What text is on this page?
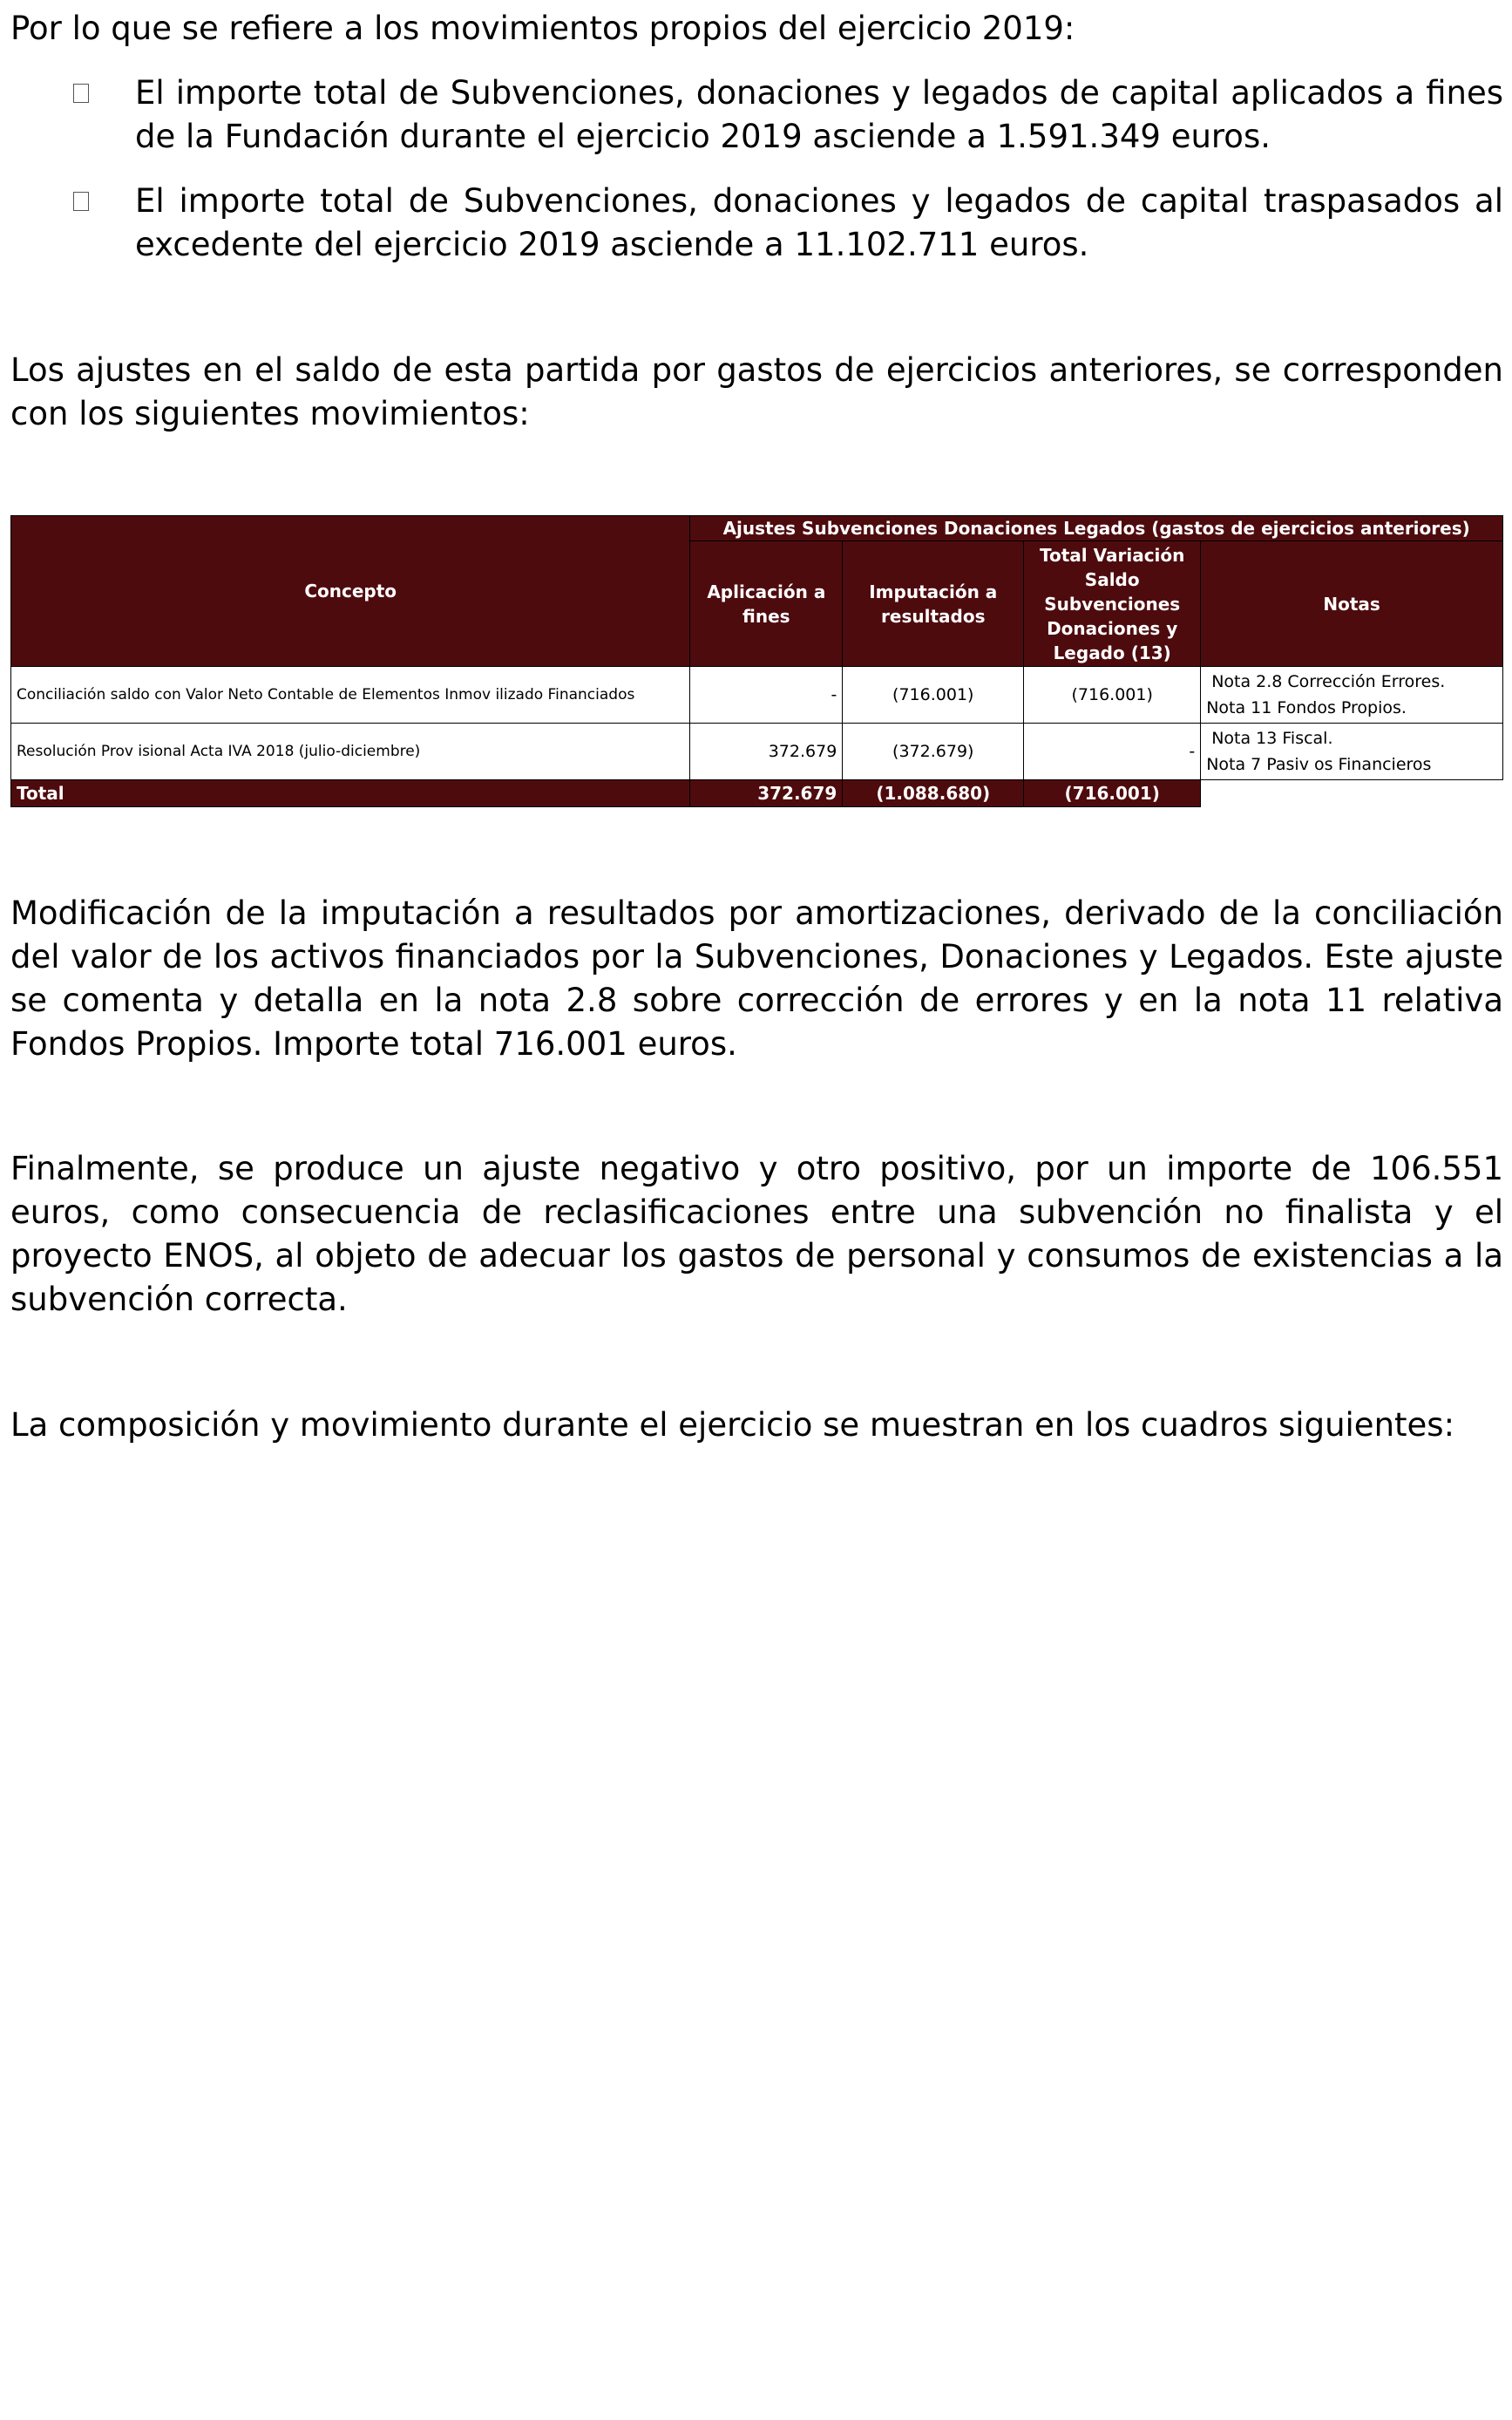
Por lo que se refiere a los movimientos propios del ejercicio 2019:

El importe total de Subvenciones, donaciones y legados de capital aplicados a fines de la Fundación durante el ejercicio 2019 asciende a 1.591.349 euros.

El importe total de Subvenciones, donaciones y legados de capital traspasados al excedente del ejercicio 2019 asciende a 11.102.711 euros.

Los ajustes en el saldo de esta partida por gastos de ejercicios anteriores, se corresponden con los siguientes movimientos:

Concepto	Ajustes Subvenciones Donaciones Legados (gastos de ejercicios anteriores)			
	Aplicación a fines	Imputación a resultados	Total Variación Saldo Subvenciones Donaciones y Legado (13)	Notas
Conciliación saldo con Valor Neto Contable de Elementos Inmov ilizado Financiados	-	(716.001)	(716.001)	Nota 2.8 Corrección Errores.
Nota 11 Fondos Propios.

Resolución Prov isional Acta IVA 2018 (julio-diciembre)	372.679	(372.679)	-	Nota 13 Fiscal.
Nota 7 Pasiv os Financieros

Total	372.679	(1.088.680)	(716.001)	

Modificación de la imputación a resultados por amortizaciones, derivado de la conciliación del valor de los activos financiados por la Subvenciones, Donaciones y Legados. Este ajuste se comenta y detalla en la nota 2.8 sobre corrección de errores y en la nota 11 relativa Fondos Propios. Importe total 716.001 euros.

Finalmente, se produce un ajuste negativo y otro positivo, por un importe de 106.551 euros, como consecuencia de reclasificaciones entre una subvención no finalista y el proyecto ENOS, al objeto de adecuar los gastos de personal y consumos de existencias a la subvención correcta.

La composición y movimiento durante el ejercicio se muestran en los cuadros siguientes:
